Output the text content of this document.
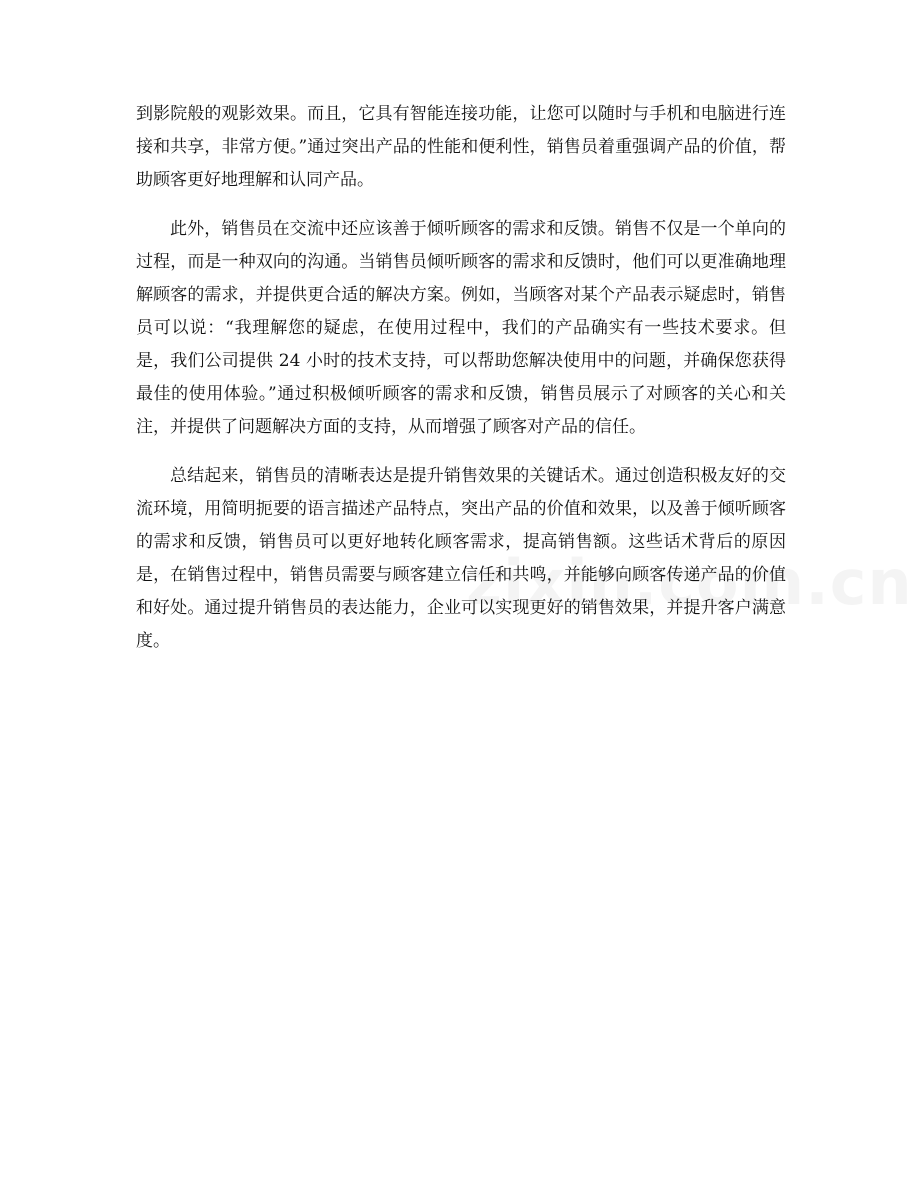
到影院般的观影效果。而且，它具有智能连接功能，让您可以随时与手机和电脑进行连接和共享，非常方便。”通过突出产品的性能和便利性，销售员着重强调产品的价值，帮助顾客更好地理解和认同产品。

此外，销售员在交流中还应该善于倾听顾客的需求和反馈。销售不仅是一个单向的过程，而是一种双向的沟通。当销售员倾听顾客的需求和反馈时，他们可以更准确地理解顾客的需求，并提供更合适的解决方案。例如，当顾客对某个产品表示疑虑时，销售员可以说：“我理解您的疑虑，在使用过程中，我们的产品确实有一些技术要求。但是，我们公司提供 24 小时的技术支持，可以帮助您解决使用中的问题，并确保您获得最佳的使用体验。”通过积极倾听顾客的需求和反馈，销售员展示了对顾客的关心和关注，并提供了问题解决方面的支持，从而增强了顾客对产品的信任。

总结起来，销售员的清晰表达是提升销售效果的关键话术。通过创造积极友好的交流环境，用简明扼要的语言描述产品特点，突出产品的价值和效果，以及善于倾听顾客的需求和反馈，销售员可以更好地转化顾客需求，提高销售额。这些话术背后的原因是，在销售过程中，销售员需要与顾客建立信任和共鸣，并能够向顾客传递产品的价值和好处。通过提升销售员的表达能力，企业可以实现更好的销售效果，并提升客户满意度。
